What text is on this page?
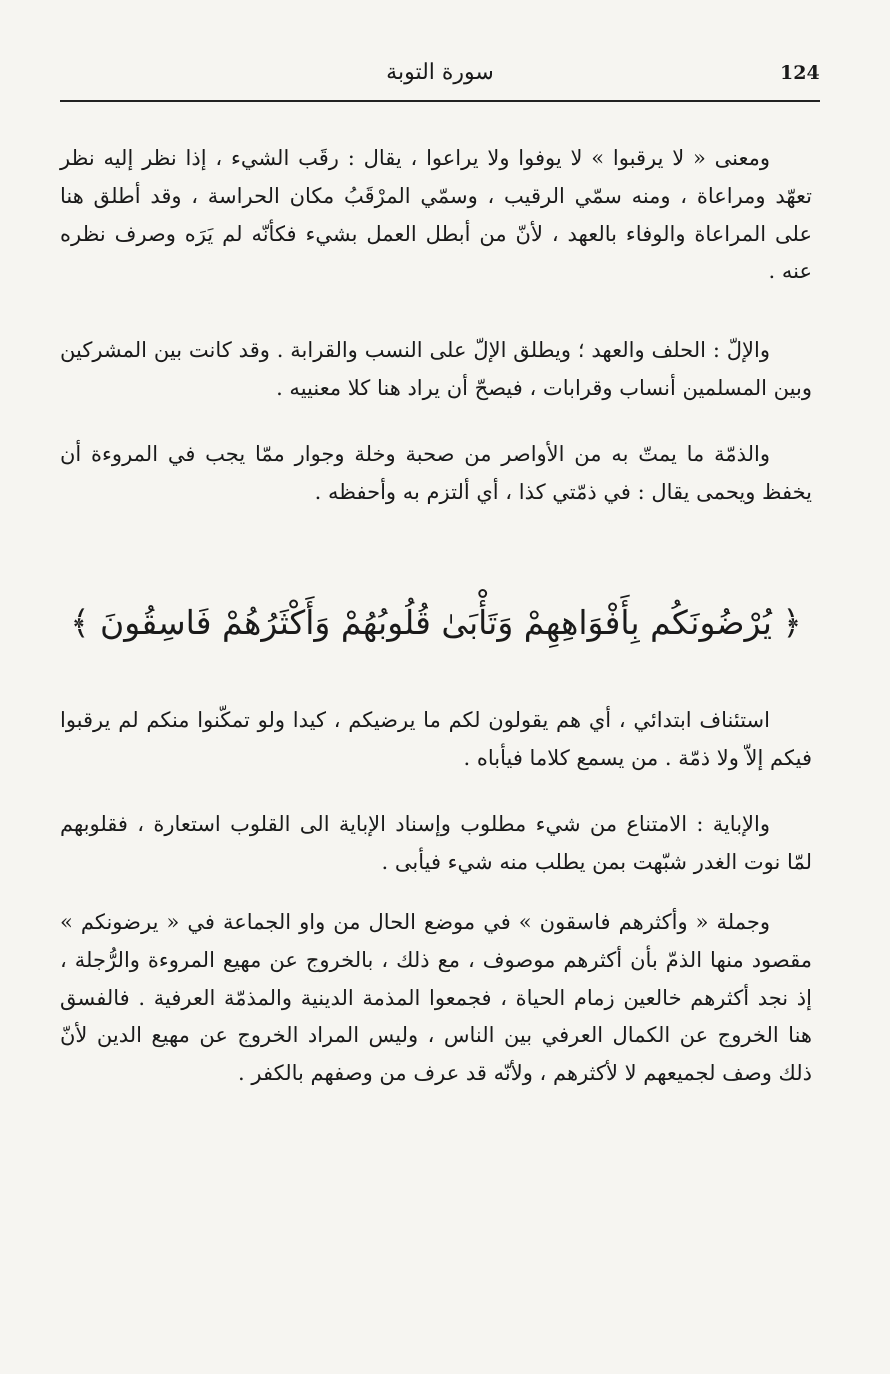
124
سورة التوبة

ومعنى « لا يرقبوا » لا يوفوا ولا يراعوا ، يقال : رقَب الشيء ، إذا نظر إليه نظر تعهّد ومراعاة ، ومنه سمّي الرقيب ، وسمّي المرْقَبُ مكان الحراسة ، وقد أطلق هنا على المراعاة والوفاء بالعهد ، لأنّ من أبطل العمل بشيء فكأنّه لم يَرَه وصرف نظره عنه .

والإلّ : الحلف والعهد ؛ ويطلق الإلّ على النسب والقرابة . وقد كانت بين المشركين وبين المسلمين أنساب وقرابات ، فيصحّ أن يراد هنا كلا معنييه .

والذمّة ما يمتّ به من الأواصر من صحبة وخلة وجوار ممّا يجب في المروءة أن يخفظ ويحمى يقال : في ذمّتي كذا ، أي ألتزم به وأحفظه .

﴿ يُرْضُونَكُم بِأَفْوَاهِهِمْ وَتَأْبَىٰ قُلُوبُهُمْ وَأَكْثَرُهُمْ فَاسِقُونَ ﴾

استئناف ابتدائي ، أي هم يقولون لكم ما يرضيكم ، كيدا ولو تمكّنوا منكم لم يرقبوا فيكم إلاّ ولا ذمّة . من يسمع كلاما فيأباه .

والإباية : الامتناع من شيء مطلوب وإسناد الإباية الى القلوب استعارة ، فقلوبهم لمّا نوت الغدر شبّهت بمن يطلب منه شيء فيأبى .

وجملة « وأكثرهم فاسقون » في موضع الحال من واو الجماعة في « يرضونكم » مقصود منها الذمّ بأن أكثرهم موصوف ، مع ذلك ، بالخروج عن مهيع المروءة والرُّجلة ، إذ نجد أكثرهم خالعين زمام الحياة ، فجمعوا المذمة الدينية والمذمّة العرفية . فالفسق هنا الخروج عن الكمال العرفي بين الناس ، وليس المراد الخروج عن مهيع الدين لأنّ ذلك وصف لجميعهم لا لأكثرهم ، ولأنّه قد عرف من وصفهم بالكفر .
